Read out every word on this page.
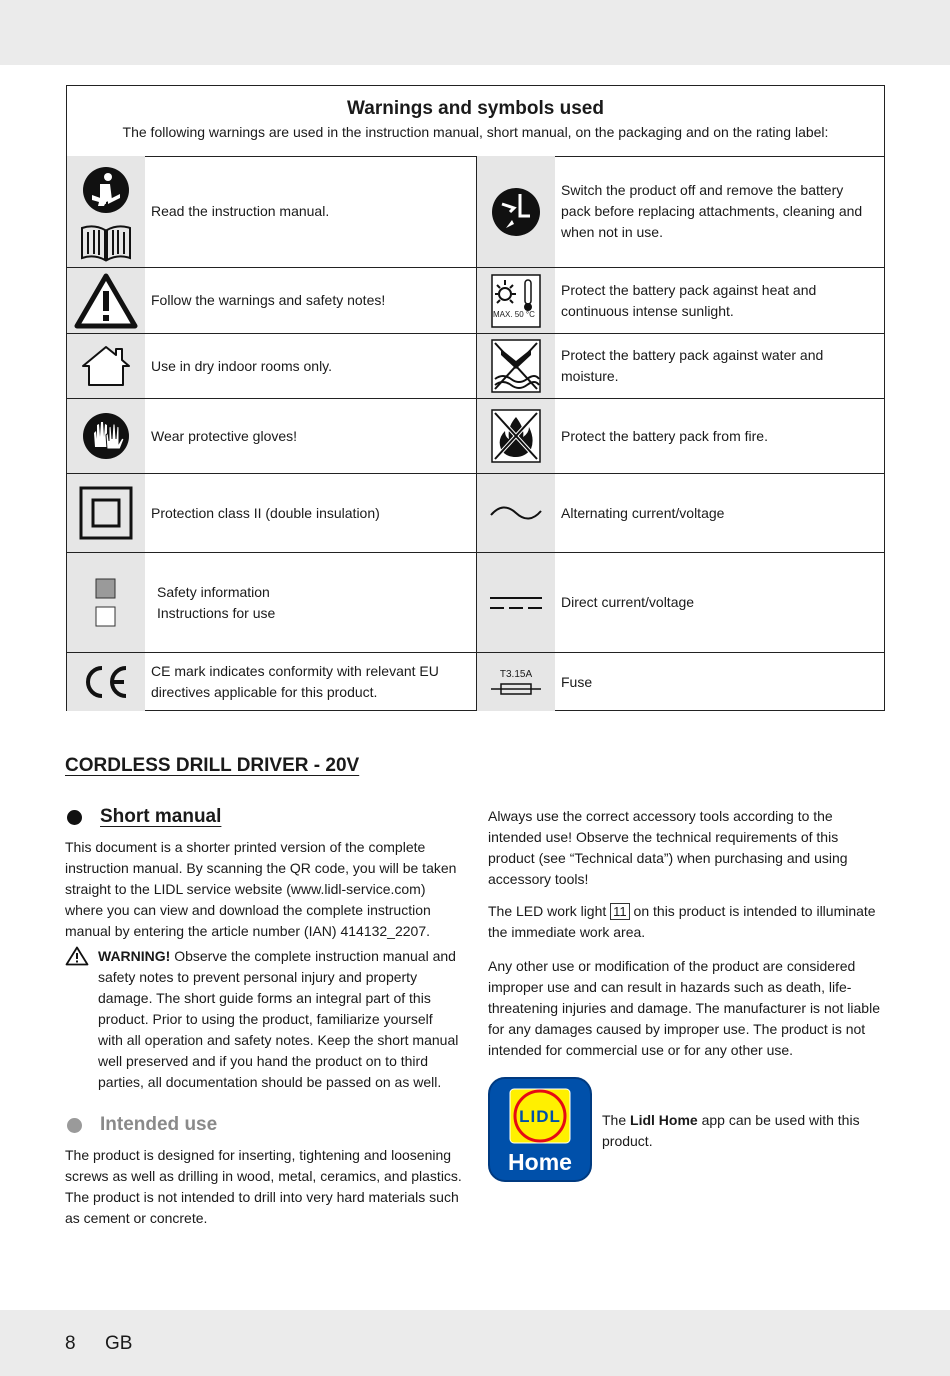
Warnings and symbols used

The following warnings are used in the instruction manual, short manual, on the packaging and on the rating label:

Read the instruction manual.
Follow the warnings and safety notes!
Use in dry indoor rooms only.
Wear protective gloves!
Protection class II (double insulation)
Safety information
Instructions for use
CE mark indicates conformity with relevant EU directives applicable for this product.
Switch the product off and remove the battery pack before replacing attachments, cleaning and when not in use.
MAX. 50 °C
Protect the battery pack against heat and continuous intense sunlight.
Protect the battery pack against water and moisture.
Protect the battery pack from fire.
Alternating current/voltage
Direct current/voltage
T3.15A Fuse
CORDLESS DRILL DRIVER - 20V
Short manual

This document is a shorter printed version of the complete instruction manual. By scanning the QR code, you will be taken straight to the LIDL service website (www.lidl-service.com) where you can view and download the complete instruction manual by entering the article number (IAN) 414132_2207.

WARNING! Observe the complete instruction manual and safety notes to prevent personal injury and property damage. The short guide forms an integral part of this product. Prior to using the product, familiarize yourself with all operation and safety notes. Keep the short manual well preserved and if you hand the product on to third parties, all documentation should be passed on as well.

Intended use

The product is designed for inserting, tightening and loosening screws as well as drilling in wood, metal, ceramics, and plastics. The product is not intended to drill into very hard materials such as cement or concrete.

Always use the correct accessory tools according to the intended use! Observe the technical requirements of this product (see “Technical data”) when purchasing and using accessory tools!

The LED work light 11 on this product is intended to illuminate the immediate work area.

Any other use or modification of the product are considered improper use and can result in hazards such as death, life-threatening injuries and damage. The manufacturer is not liable for any damages caused by improper use. The product is not intended for commercial use or for any other use.

LIDL
Home

The Lidl Home app can be used with this product.

8 GB
